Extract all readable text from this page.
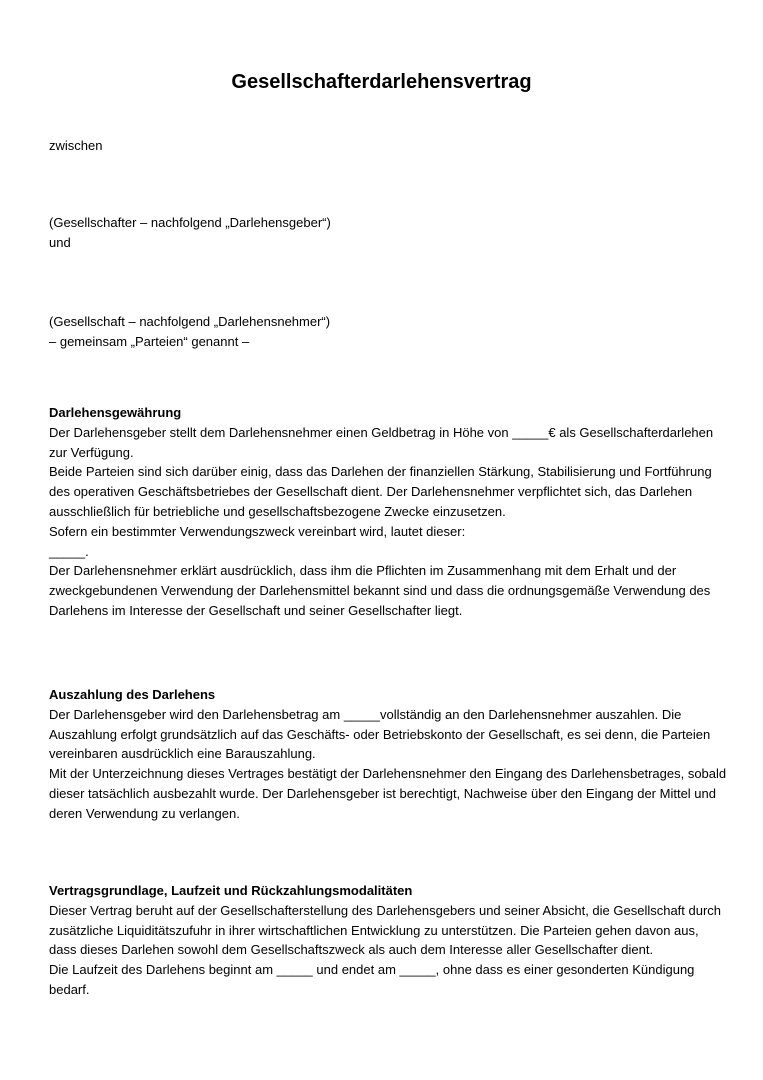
Gesellschafterdarlehensvertrag

zwischen

(Gesellschafter – nachfolgend „Darlehensgeber“)

und

(Gesellschaft – nachfolgend „Darlehensnehmer“)

– gemeinsam „Parteien“ genannt –

Darlehensgewährung

Der Darlehensgeber stellt dem Darlehensnehmer einen Geldbetrag in Höhe von _____€ als Gesellschafterdarlehen zur Verfügung.

Beide Parteien sind sich darüber einig, dass das Darlehen der finanziellen Stärkung, Stabilisierung und Fortführung des operativen Geschäftsbetriebes der Gesellschaft dient. Der Darlehensnehmer verpflichtet sich, das Darlehen ausschließlich für betriebliche und gesellschaftsbezogene Zwecke einzusetzen.

Sofern ein bestimmter Verwendungszweck vereinbart wird, lautet dieser:

_____.

Der Darlehensnehmer erklärt ausdrücklich, dass ihm die Pflichten im Zusammenhang mit dem Erhalt und der zweckgebundenen Verwendung der Darlehensmittel bekannt sind und dass die ordnungsgemäße Verwendung des Darlehens im Interesse der Gesellschaft und seiner Gesellschafter liegt.

Auszahlung des Darlehens

Der Darlehensgeber wird den Darlehensbetrag am _____vollständig an den Darlehensnehmer auszahlen. Die Auszahlung erfolgt grundsätzlich auf das Geschäfts- oder Betriebskonto der Gesellschaft, es sei denn, die Parteien vereinbaren ausdrücklich eine Barauszahlung.

Mit der Unterzeichnung dieses Vertrages bestätigt der Darlehensnehmer den Eingang des Darlehensbetrages, sobald dieser tatsächlich ausbezahlt wurde. Der Darlehensgeber ist berechtigt, Nachweise über den Eingang der Mittel und deren Verwendung zu verlangen.

Vertragsgrundlage, Laufzeit und Rückzahlungsmodalitäten

Dieser Vertrag beruht auf der Gesellschafterstellung des Darlehensgebers und seiner Absicht, die Gesellschaft durch zusätzliche Liquiditätszufuhr in ihrer wirtschaftlichen Entwicklung zu unterstützen. Die Parteien gehen davon aus, dass dieses Darlehen sowohl dem Gesellschaftszweck als auch dem Interesse aller Gesellschafter dient.

Die Laufzeit des Darlehens beginnt am _____ und endet am _____, ohne dass es einer gesonderten Kündigung bedarf.
